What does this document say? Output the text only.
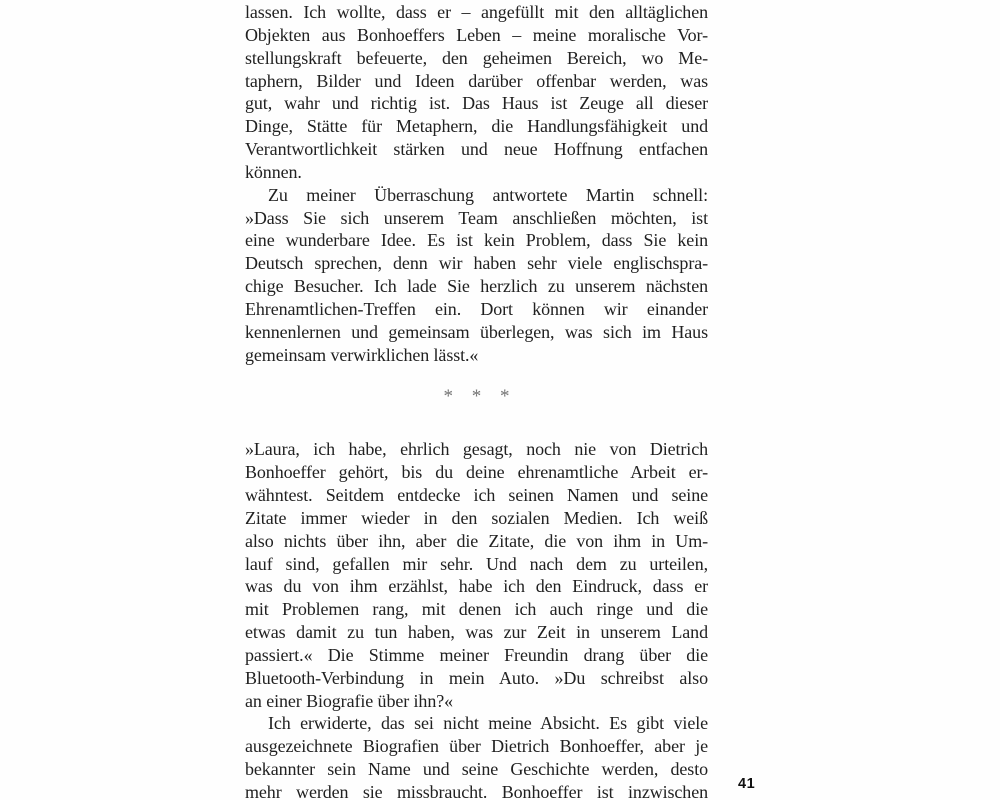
lassen. Ich wollte, dass er – angefüllt mit den alltäglichen
Objekten aus Bonhoeffers Leben – meine moralische Vor-
stellungskraft befeuerte, den geheimen Bereich, wo Me-
taphern, Bilder und Ideen darüber offenbar werden, was
gut, wahr und richtig ist. Das Haus ist Zeuge all dieser
Dinge, Stätte für Metaphern, die Handlungsfähigkeit und
Verantwortlichkeit stärken und neue Hoffnung entfachen
können.
Zu meiner Überraschung antwortete Martin schnell:
»Dass Sie sich unserem Team anschließen möchten, ist
eine wunderbare Idee. Es ist kein Problem, dass Sie kein
Deutsch sprechen, denn wir haben sehr viele englischspra-
chige Besucher. Ich lade Sie herzlich zu unserem nächsten
Ehrenamtlichen-Treffen ein. Dort können wir einander
kennenlernen und gemeinsam überlegen, was sich im Haus
gemeinsam verwirklichen lässt.«
* * *
»Laura, ich habe, ehrlich gesagt, noch nie von Dietrich
Bonhoeffer gehört, bis du deine ehrenamtliche Arbeit er-
wähntest. Seitdem entdecke ich seinen Namen und seine
Zitate immer wieder in den sozialen Medien. Ich weiß
also nichts über ihn, aber die Zitate, die von ihm in Um-
lauf sind, gefallen mir sehr. Und nach dem zu urteilen,
was du von ihm erzählst, habe ich den Eindruck, dass er
mit Problemen rang, mit denen ich auch ringe und die
etwas damit zu tun haben, was zur Zeit in unserem Land
passiert.« Die Stimme meiner Freundin drang über die
Bluetooth-Verbindung in mein Auto. »Du schreibst also
an einer Biografie über ihn?«
Ich erwiderte, das sei nicht meine Absicht. Es gibt viele
ausgezeichnete Biografien über Dietrich Bonhoeffer, aber je
bekannter sein Name und seine Geschichte werden, desto
mehr werden sie missbraucht. Bonhoeffer ist inzwischen 41
